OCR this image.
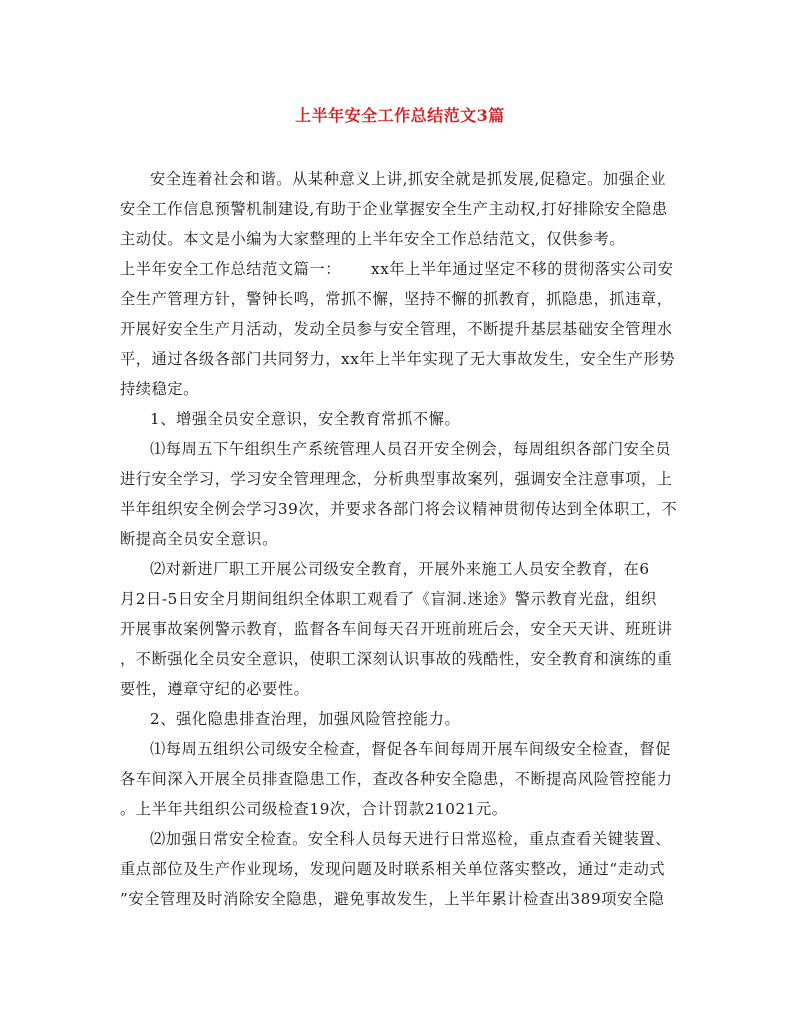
上半年安全工作总结范文3篇
安全连着社会和谐。从某种意义上讲,抓安全就是抓发展,促稳定。加强企业
安全工作信息预警机制建设,有助于企业掌握安全生产主动权,打好排除安全隐患
主动仗。本文是小编为大家整理的上半年安全工作总结范文，仅供参考。
上半年安全工作总结范文篇一： xx年上半年通过坚定不移的贯彻落实公司安
全生产管理方针，警钟长鸣，常抓不懈，坚持不懈的抓教育，抓隐患，抓违章，
开展好安全生产月活动，发动全员参与安全管理，不断提升基层基础安全管理水
平，通过各级各部门共同努力，xx年上半年实现了无大事故发生，安全生产形势
持续稳定。
1、增强全员安全意识，安全教育常抓不懈。
⑴每周五下午组织生产系统管理人员召开安全例会，每周组织各部门安全员
进行安全学习，学习安全管理理念，分析典型事故案列，强调安全注意事项，上
半年组织安全例会学习39次，并要求各部门将会议精神贯彻传达到全体职工，不
断提高全员安全意识。
⑵对新进厂职工开展公司级安全教育，开展外来施工人员安全教育，在6
月2日-5日安全月期间组织全体职工观看了《盲洞.迷途》警示教育光盘，组织
开展事故案例警示教育，监督各车间每天召开班前班后会，安全天天讲、班班讲
，不断强化全员安全意识，使职工深刻认识事故的残酷性，安全教育和演练的重
要性，遵章守纪的必要性。
2、强化隐患排查治理，加强风险管控能力。
⑴每周五组织公司级安全检查，督促各车间每周开展车间级安全检查，督促
各车间深入开展全员排查隐患工作，查改各种安全隐患，不断提高风险管控能力
。上半年共组织公司级检查19次，合计罚款21021元。
⑵加强日常安全检查。安全科人员每天进行日常巡检，重点查看关键装置、
重点部位及生产作业现场，发现问题及时联系相关单位落实整改，通过“走动式
”安全管理及时消除安全隐患，避免事故发生，上半年累计检查出389项安全隐
